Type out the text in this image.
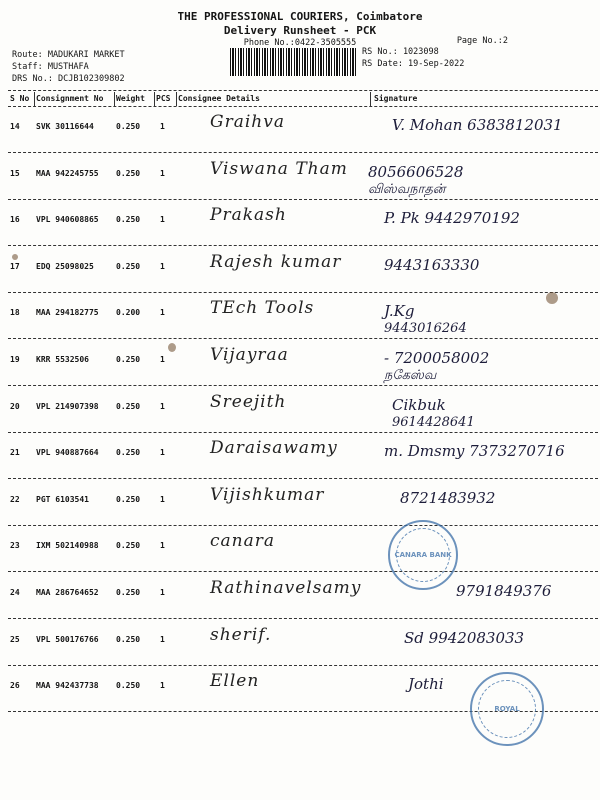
THE PROFESSIONAL COURIERS, Coimbatore
Delivery Runsheet - PCK
Phone No.:0422-3505555	Page No.:2
Route: MADUKARI MARKET
Staff: MUSTHAFA
DRS No.: DCJB102309802
RS No.: 1023098
RS Date: 19-Sep-2022
S No Consignment No Weight PCS Consignee Details	Signature
14 SVK 30116644	0.250 1	Graihva	V. Mohan 6383812031
15 MAA 942245755 0.250 1	Viswana Tham 8056606528
விஸ்வநாதன்
16 VPL 940608865 0.250 1	Prakash	P. Pk 9442970192
17 EDQ 25098025	0.250 1	Rajesh kumar	9443163330
18 MAA 294182775 0.200 1	TEch Tools	J.Kg
9443016264
19 KRR 5532506	0.250 1	Vijayraa	- 7200058002
நகேஸ்வ
20 VPL 214907398 0.250 1	Sreejith	Cikbuk
9614428641
21 VPL 940887664 0.250 1	Daraisawamy	m. Dmsmy 7373270716
22 PGT 6103541	0.250 1	Vijishkumar	8721483932
23 IXM 502140988 0.250 1	canara
24 MAA 286764652 0.250 1	Rathinavelsamy	9791849376
25 VPL 500176766 0.250 1	sherif.	Sd 9942083033
26 MAA 942437738 0.250 1	Ellen	Jothi
CANARA BANK
ROYAL
